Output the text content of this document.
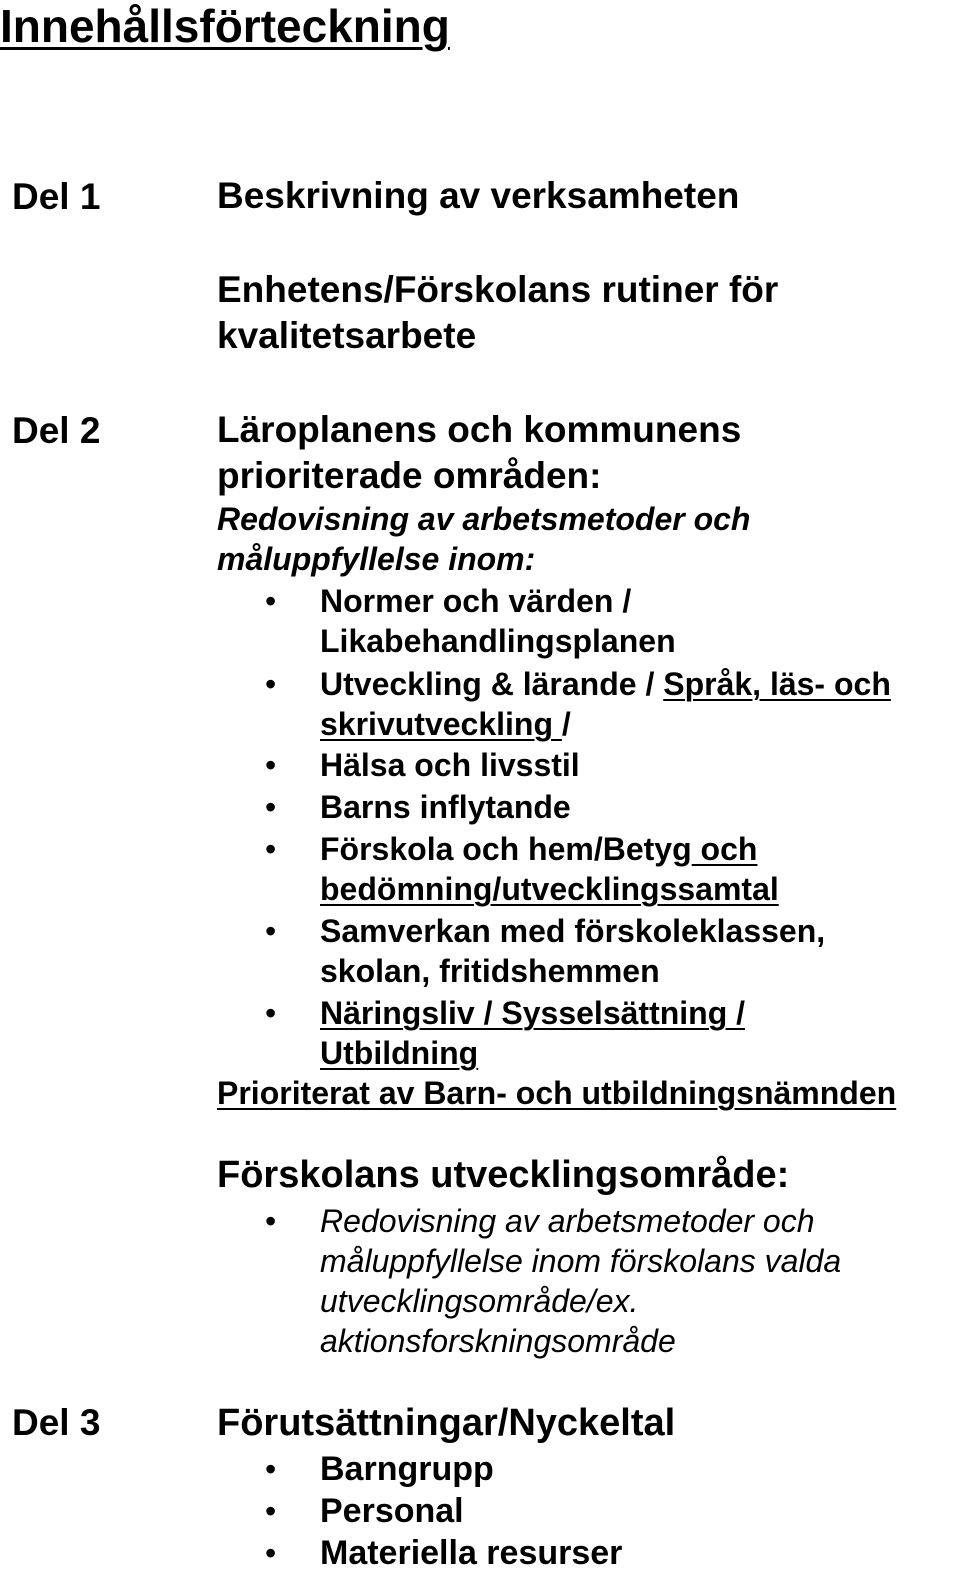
Innehållsförteckning
Del 1	Beskrivning av verksamheten
Enhetens/Förskolans rutiner för
kvalitetsarbete
Del 2	Läroplanens och kommunens
prioriterade områden:
Redovisning av arbetsmetoder och
måluppfyllelse inom:
• Normer och värden /
Likabehandlingsplanen
• Utveckling & lärande / Språk, läs- och
skrivutveckling /
• Hälsa och livsstil
• Barns inflytande
• Förskola och hem/Betyg och
bedömning/utvecklingssamtal
• Samverkan med förskoleklassen,
skolan, fritidshemmen
• Näringsliv / Sysselsättning /
Utbildning
Prioriterat av Barn- och utbildningsnämnden
Förskolans utvecklingsområde:
• Redovisning av arbetsmetoder och
måluppfyllelse inom förskolans valda
utvecklingsområde/ex.
aktionsforskningsområde
Del 3	Förutsättningar/Nyckeltal
• Barngrupp
• Personal
• Materiella resurser
